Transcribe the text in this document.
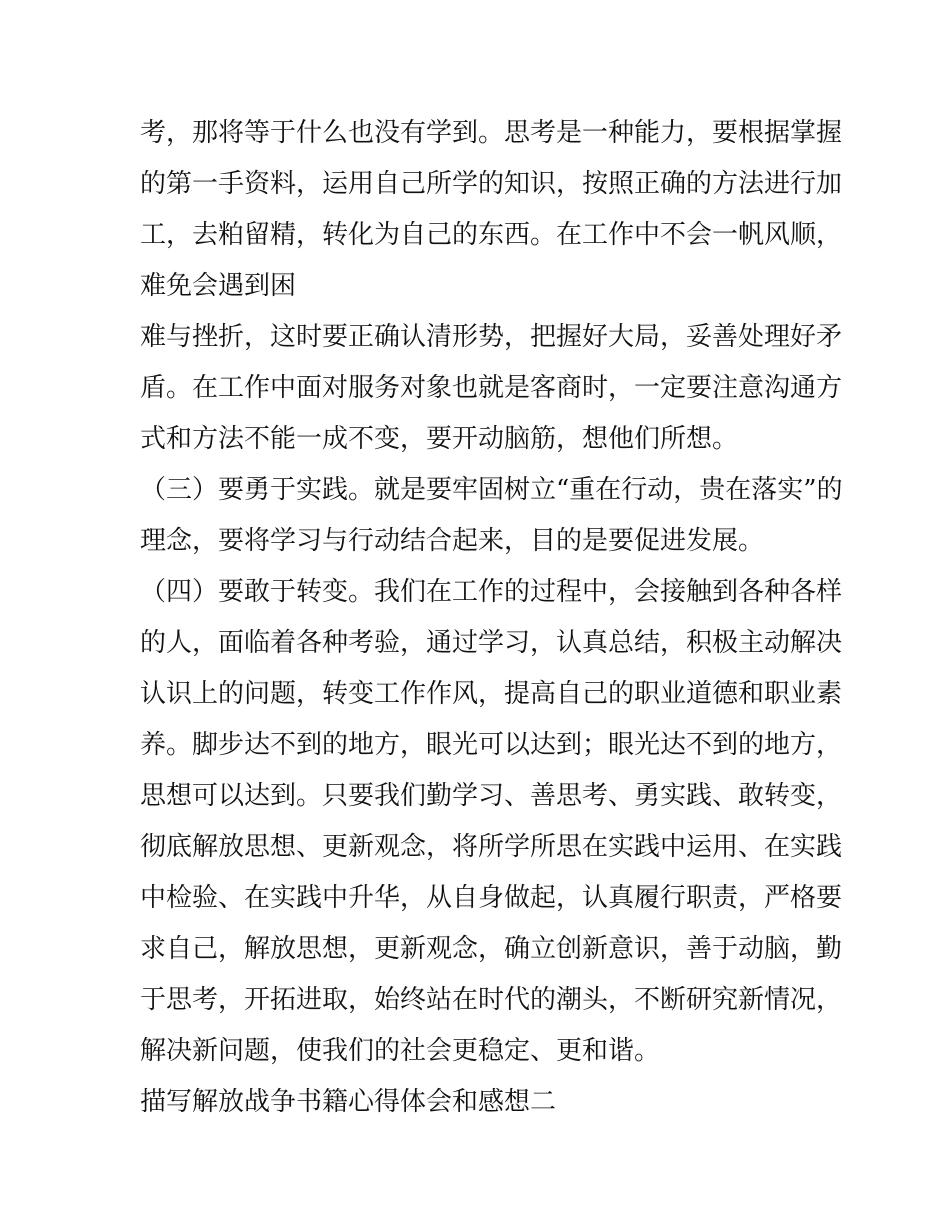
考，那将等于什么也没有学到。思考是一种能力，要根据掌握
的第一手资料，运用自己所学的知识，按照正确的方法进行加
工，去粕留精，转化为自己的东西。在工作中不会一帆风顺，
难免会遇到困
难与挫折，这时要正确认清形势，把握好大局，妥善处理好矛
盾。在工作中面对服务对象也就是客商时，一定要注意沟通方
式和方法不能一成不变，要开动脑筋，想他们所想。
（三）要勇于实践。就是要牢固树立“重在行动，贵在落实”的
理念，要将学习与行动结合起来，目的是要促进发展。
（四）要敢于转变。我们在工作的过程中，会接触到各种各样
的人，面临着各种考验，通过学习，认真总结，积极主动解决
认识上的问题，转变工作作风，提高自己的职业道德和职业素
养。脚步达不到的地方，眼光可以达到；眼光达不到的地方，
思想可以达到。只要我们勤学习、善思考、勇实践、敢转变，
彻底解放思想、更新观念，将所学所思在实践中运用、在实践
中检验、在实践中升华，从自身做起，认真履行职责，严格要
求自己，解放思想，更新观念，确立创新意识，善于动脑，勤
于思考，开拓进取，始终站在时代的潮头，不断研究新情况，
解决新问题，使我们的社会更稳定、更和谐。
描写解放战争书籍心得体会和感想二
